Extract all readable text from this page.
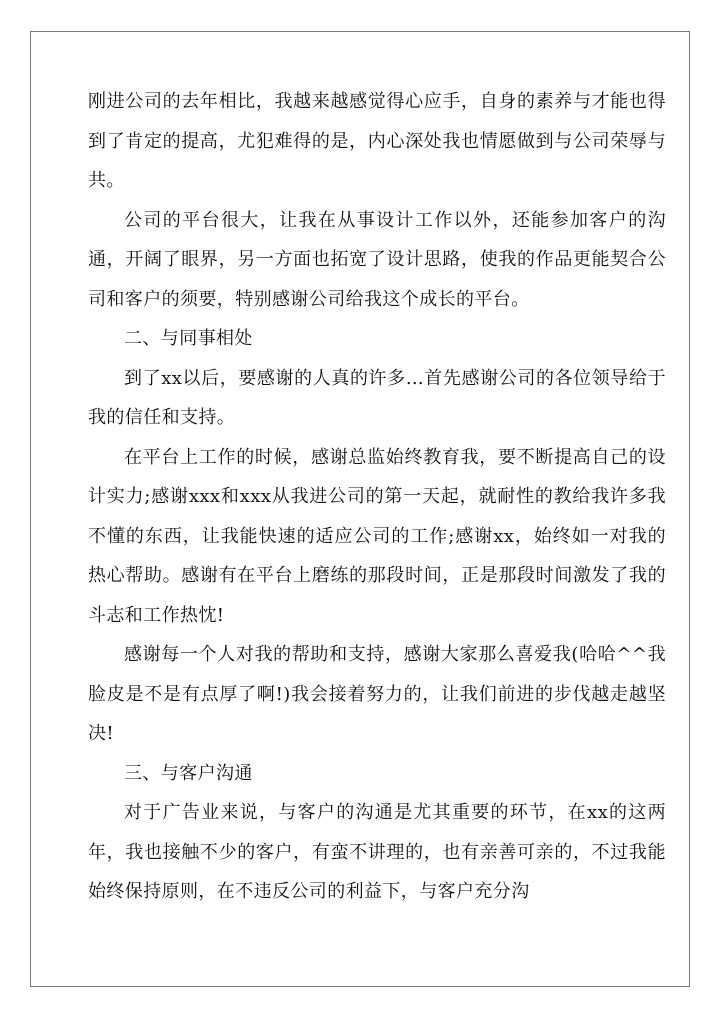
刚进公司的去年相比，我越来越感觉得心应手，自身的素养与才能也得到了肯定的提高，尤犯难得的是，内心深处我也情愿做到与公司荣辱与共。

公司的平台很大，让我在从事设计工作以外，还能参加客户的沟通，开阔了眼界，另一方面也拓宽了设计思路，使我的作品更能契合公司和客户的须要，特别感谢公司给我这个成长的平台。

二、与同事相处

到了xx以后，要感谢的人真的许多…首先感谢公司的各位领导给于我的信任和支持。

在平台上工作的时候，感谢总监始终教育我，要不断提高自己的设计实力;感谢xxx和xxx从我进公司的第一天起，就耐性的教给我许多我不懂的东西，让我能快速的适应公司的工作;感谢xx，始终如一对我的热心帮助。感谢有在平台上磨练的那段时间，正是那段时间激发了我的斗志和工作热忱!

感谢每一个人对我的帮助和支持，感谢大家那么喜爱我(哈哈^^我脸皮是不是有点厚了啊!)我会接着努力的，让我们前进的步伐越走越坚决!

三、与客户沟通

对于广告业来说，与客户的沟通是尤其重要的环节，在xx的这两年，我也接触不少的客户，有蛮不讲理的，也有亲善可亲的，不过我能始终保持原则，在不违反公司的利益下，与客户充分沟
